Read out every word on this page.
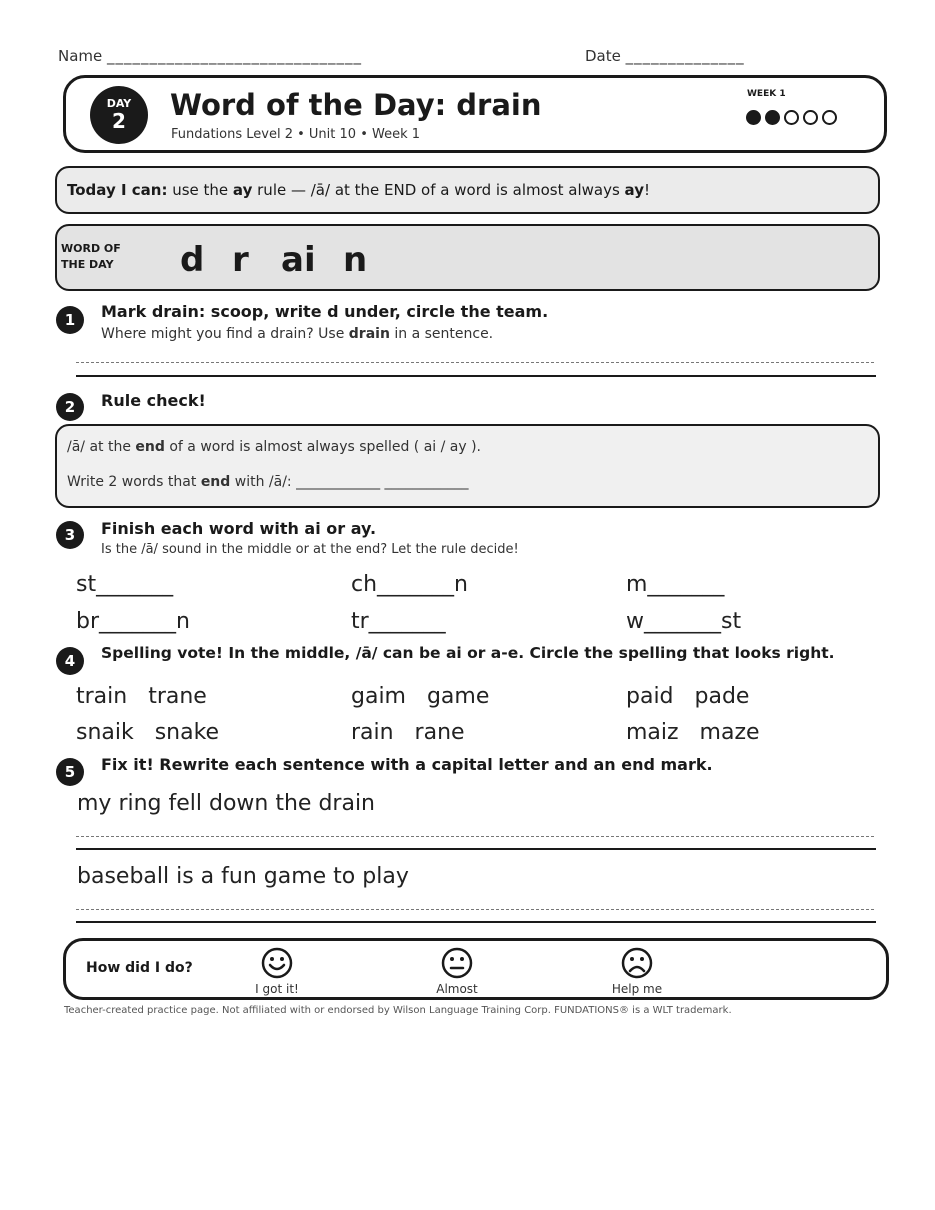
Name ______________________________	Date ______________
DAY
2	Word of the Day: drain
Fundations Level 2 • Unit 10 • Week 1
WEEK 1
Today I can: use the ay rule — /ā/ at the END of a word is almost always ay!
WORD OF
THE DAY	d r ai n
1	Mark drain: scoop, write d under, circle the team.
Where might you find a drain? Use drain in a sentence.
2	Rule check!
/ā/ at the end of a word is almost always spelled ( ai / ay ).
Write 2 words that end with /ā/: ____________ ____________
3	Finish each word with ai or ay.
Is the /ā/ sound in the middle or at the end? Let the rule decide!
st_______	ch_______n	m_______
br_______n	tr_______	w_______st
4	Spelling vote! In the middle, /ā/ can be ai or a-e. Circle the spelling that looks right.
train   trane	gaim   game	paid   pade
snaik   snake	rain   rane	maiz   maze
5	Fix it! Rewrite each sentence with a capital letter and an end mark.
my ring fell down the drain
baseball is a fun game to play
How did I do?
I got it!	Almost	Help me
Teacher-created practice page. Not affiliated with or endorsed by Wilson Language Training Corp. FUNDATIONS® is a WLT trademark.
